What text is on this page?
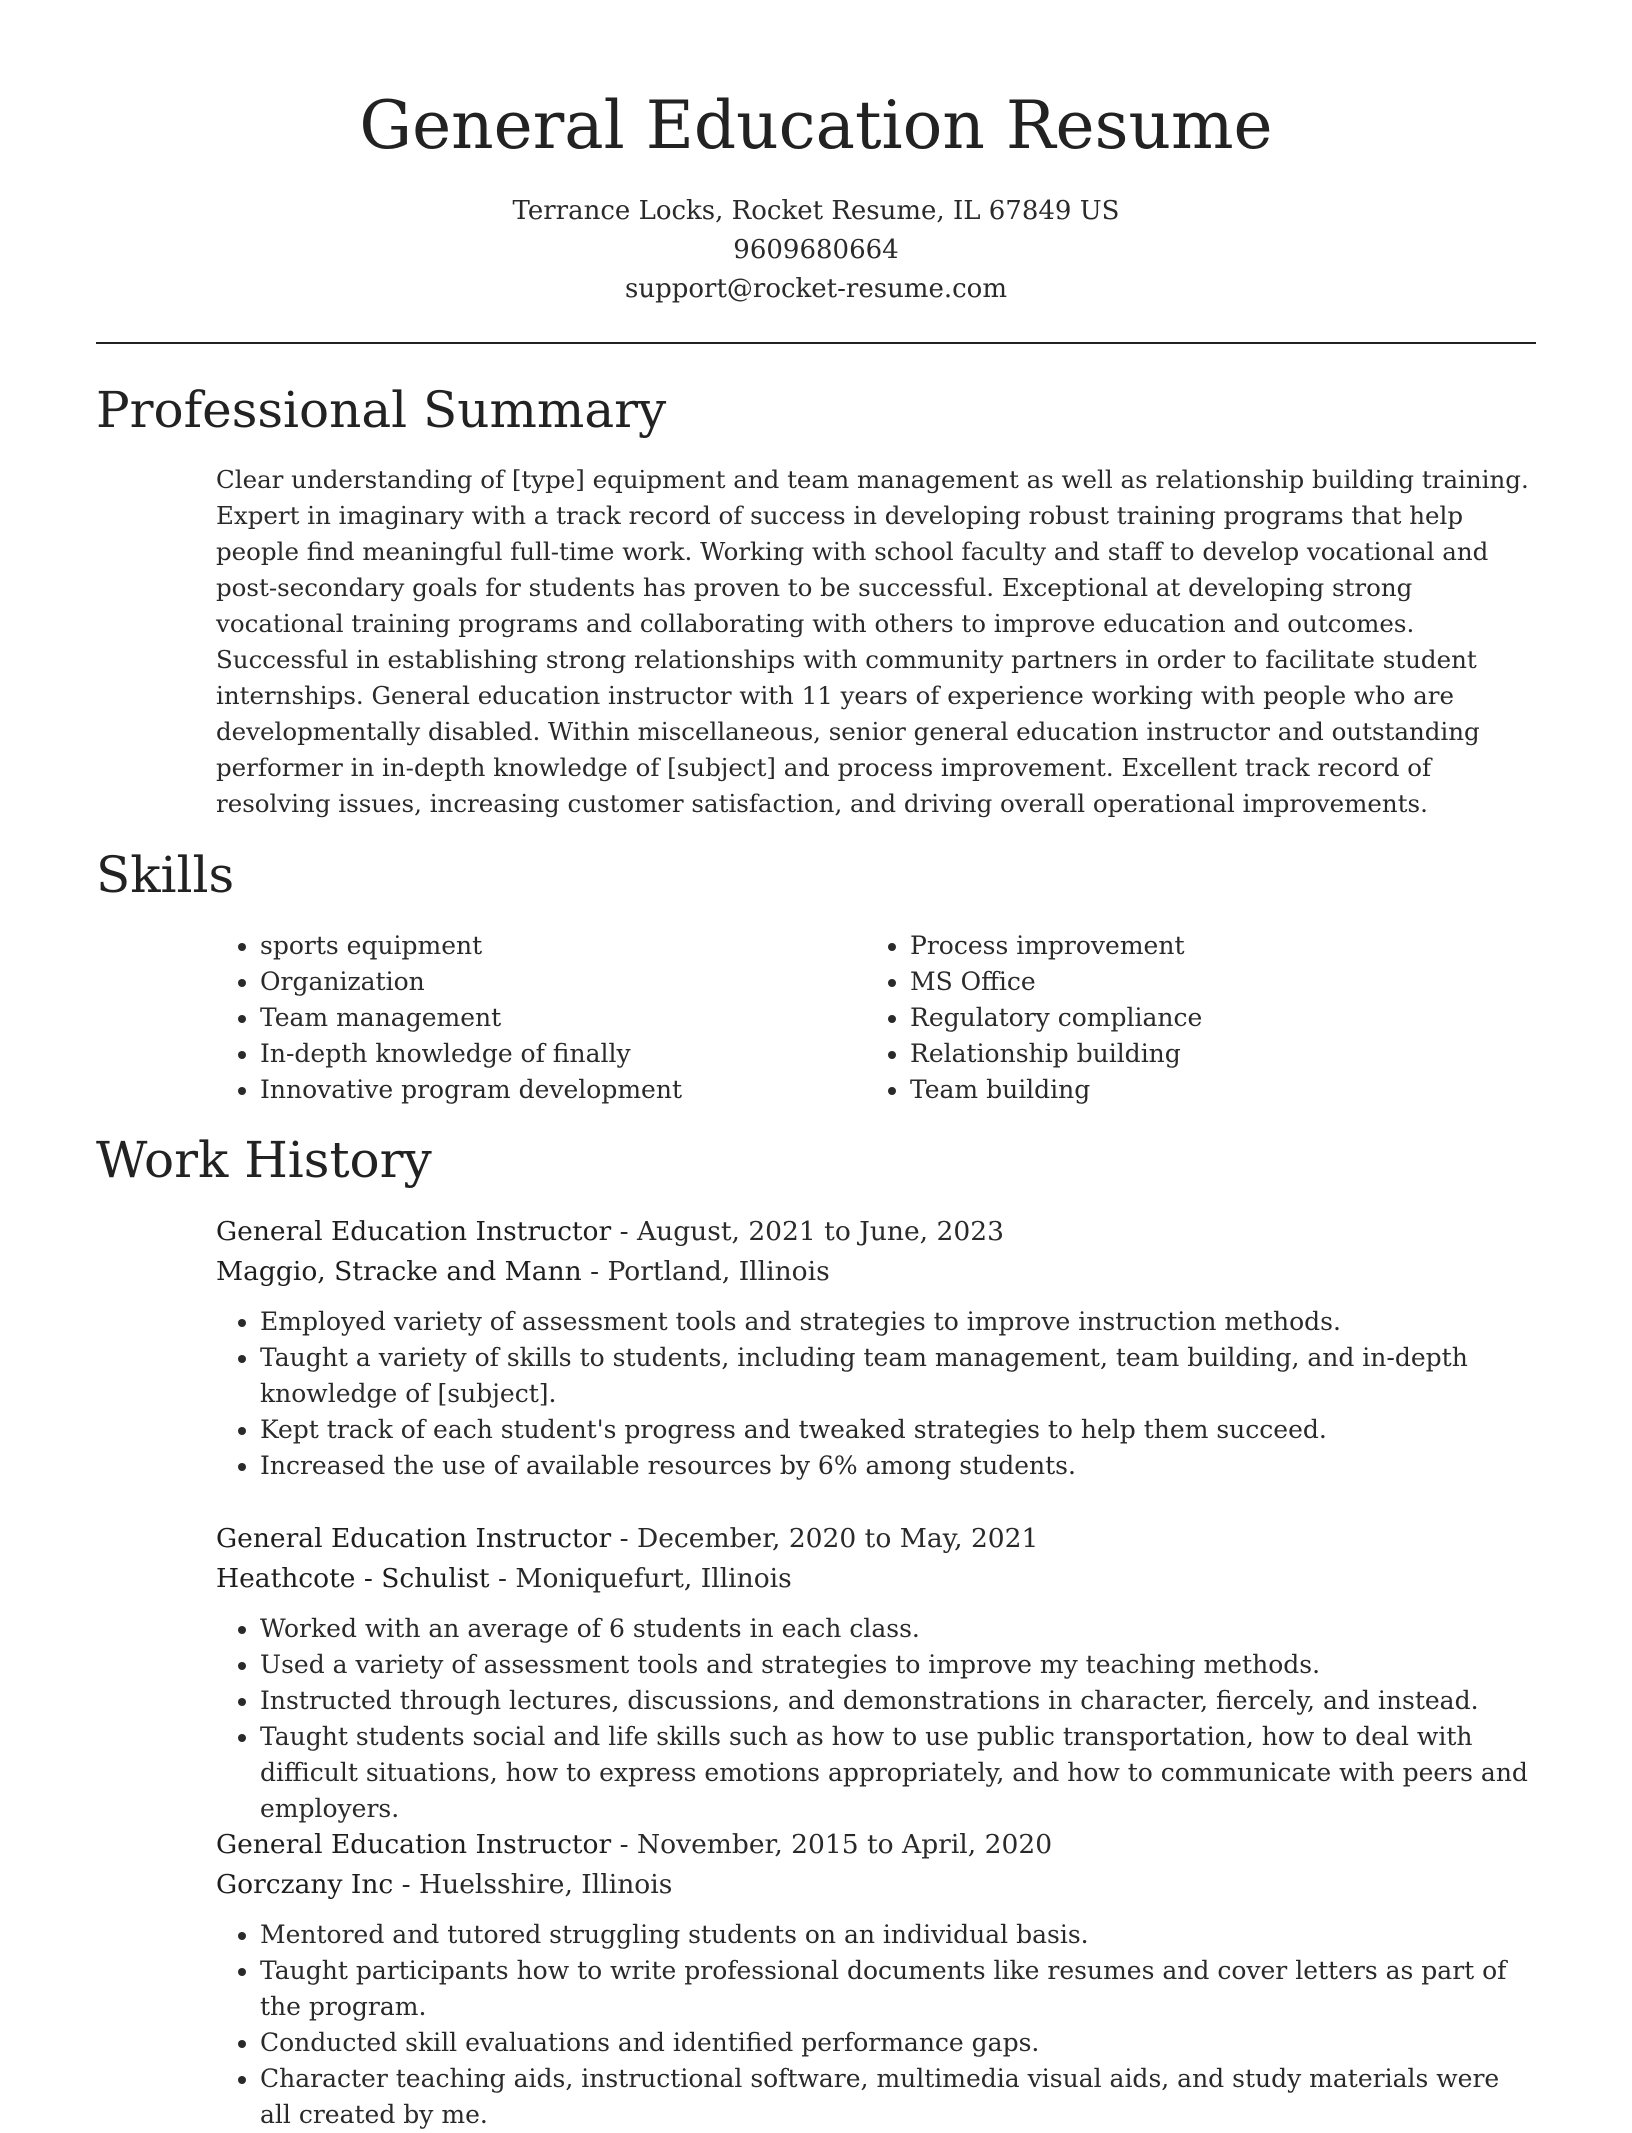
General Education Resume
Terrance Locks, Rocket Resume, IL 67849 US
9609680664
support@rocket-resume.com
Professional Summary

Clear understanding of [type] equipment and team management as well as relationship building training. Expert in imaginary with a track record of success in developing robust training programs that help people find meaningful full-time work. Working with school faculty and staff to develop vocational and post-secondary goals for students has proven to be successful. Exceptional at developing strong vocational training programs and collaborating with others to improve education and outcomes. Successful in establishing strong relationships with community partners in order to facilitate student internships. General education instructor with 11 years of experience working with people who are developmentally disabled. Within miscellaneous, senior general education instructor and outstanding performer in in-depth knowledge of [subject] and process improvement. Excellent track record of resolving issues, increasing customer satisfaction, and driving overall operational improvements.

Skills
• sports equipment
• Organization
• Team management
• In-depth knowledge of finally
• Innovative program development
• Process improvement
• MS Office
• Regulatory compliance
• Relationship building
• Team building
Work History
General Education Instructor - August, 2021 to June, 2023
Maggio, Stracke and Mann - Portland, Illinois
• Employed variety of assessment tools and strategies to improve instruction methods.
• Taught a variety of skills to students, including team management, team building, and in-depth knowledge of [subject].
• Kept track of each student's progress and tweaked strategies to help them succeed.
• Increased the use of available resources by 6% among students.
General Education Instructor - December, 2020 to May, 2021
Heathcote - Schulist - Moniquefurt, Illinois
• Worked with an average of 6 students in each class.
• Used a variety of assessment tools and strategies to improve my teaching methods.
• Instructed through lectures, discussions, and demonstrations in character, fiercely, and instead.
• Taught students social and life skills such as how to use public transportation, how to deal with difficult situations, how to express emotions appropriately, and how to communicate with peers and employers.
General Education Instructor - November, 2015 to April, 2020
Gorczany Inc - Huelsshire, Illinois
• Mentored and tutored struggling students on an individual basis.
• Taught participants how to write professional documents like resumes and cover letters as part of the program.
• Conducted skill evaluations and identified performance gaps.
• Character teaching aids, instructional software, multimedia visual aids, and study materials were all created by me.
